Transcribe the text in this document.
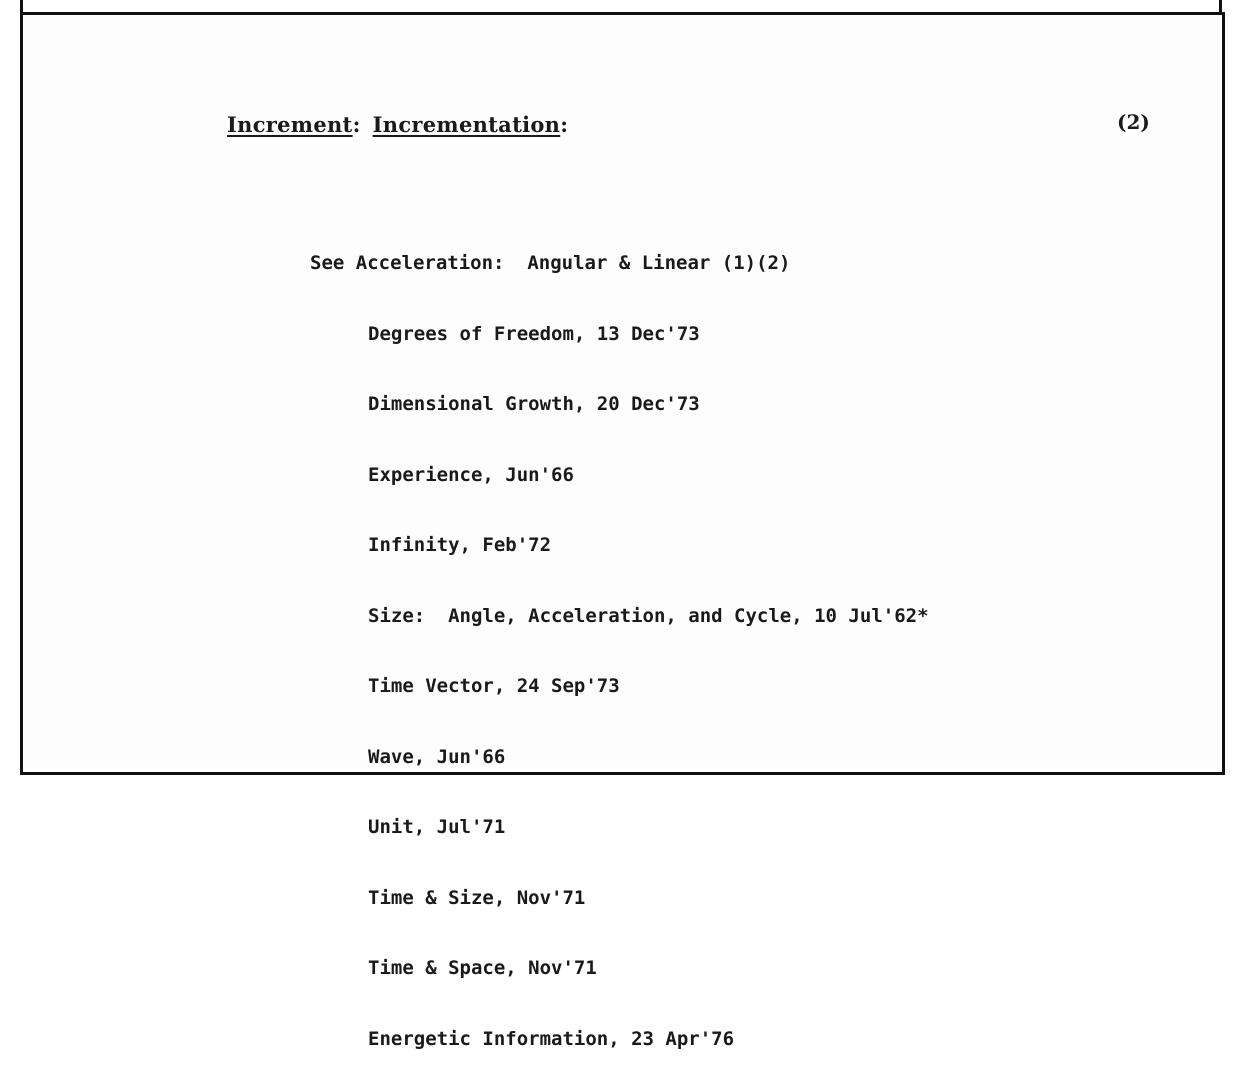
Increment: Incrementation:	(2)

See Acceleration:  Angular & Linear (1)(2)

Degrees of Freedom, 13 Dec'73

Dimensional Growth, 20 Dec'73

Experience, Jun'66

Infinity, Feb'72

Size:  Angle, Acceleration, and Cycle, 10 Jul'62*

Time Vector, 24 Sep'73

Wave, Jun'66

Unit, Jul'71

Time & Size, Nov'71

Time & Space, Nov'71

Energetic Information, 23 Apr'76
